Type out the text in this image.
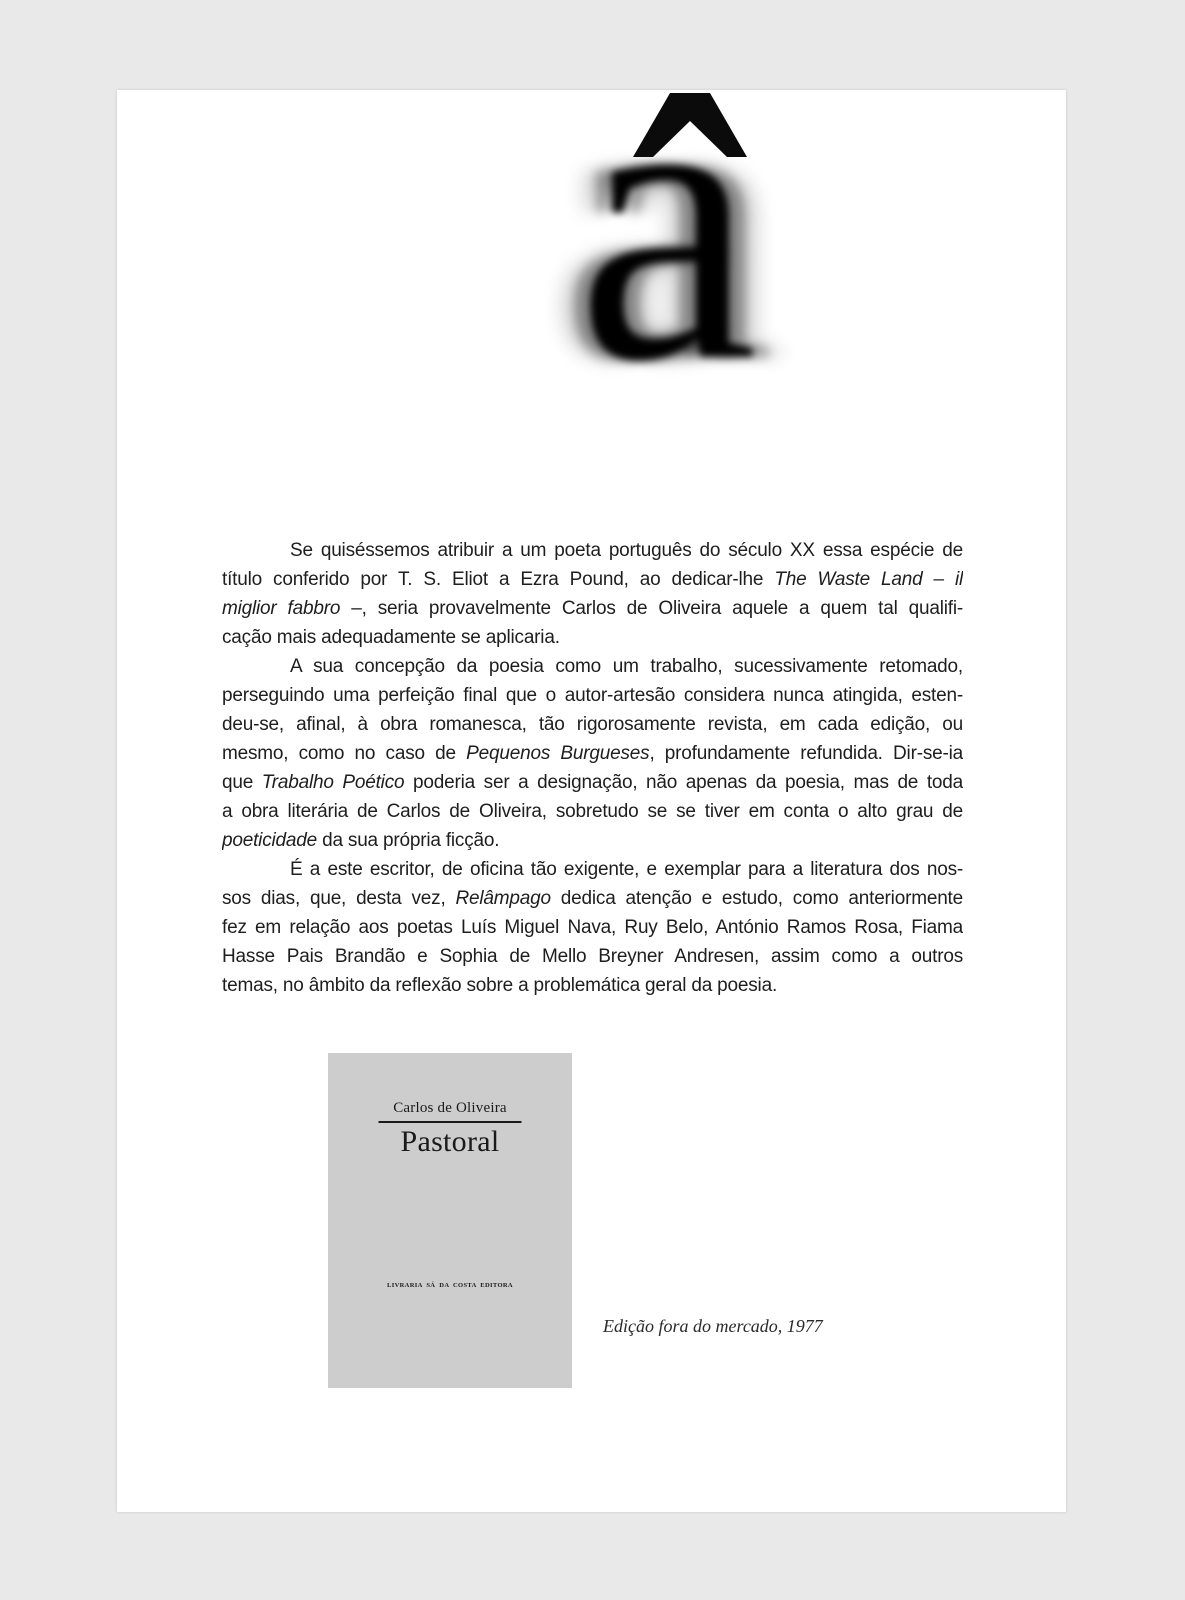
a
Se quiséssemos atribuir a um poeta português do século XX essa espécie de
título conferido por T. S. Eliot a Ezra Pound, ao dedicar-lhe The Waste Land – il
miglior fabbro –, seria provavelmente Carlos de Oliveira aquele a quem tal qualifi-
cação mais adequadamente se aplicaria.
A sua concepção da poesia como um trabalho, sucessivamente retomado,
perseguindo uma perfeição final que o autor-artesão considera nunca atingida, esten-
deu-se, afinal, à obra romanesca, tão rigorosamente revista, em cada edição, ou
mesmo, como no caso de Pequenos Burgueses, profundamente refundida. Dir-se-ia
que Trabalho Poético poderia ser a designação, não apenas da poesia, mas de toda
a obra literária de Carlos de Oliveira, sobretudo se se tiver em conta o alto grau de
poeticidade da sua própria ficção.
É a este escritor, de oficina tão exigente, e exemplar para a literatura dos nos-
sos dias, que, desta vez, Relâmpago dedica atenção e estudo, como anteriormente
fez em relação aos poetas Luís Miguel Nava, Ruy Belo, António Ramos Rosa, Fiama
Hasse Pais Brandão e Sophia de Mello Breyner Andresen, assim como a outros
temas, no âmbito da reflexão sobre a problemática geral da poesia.
Carlos de Oliveira
Pastoral
LIVRARIA SÁ DA COSTA EDITORA
Edição fora do mercado, 1977
